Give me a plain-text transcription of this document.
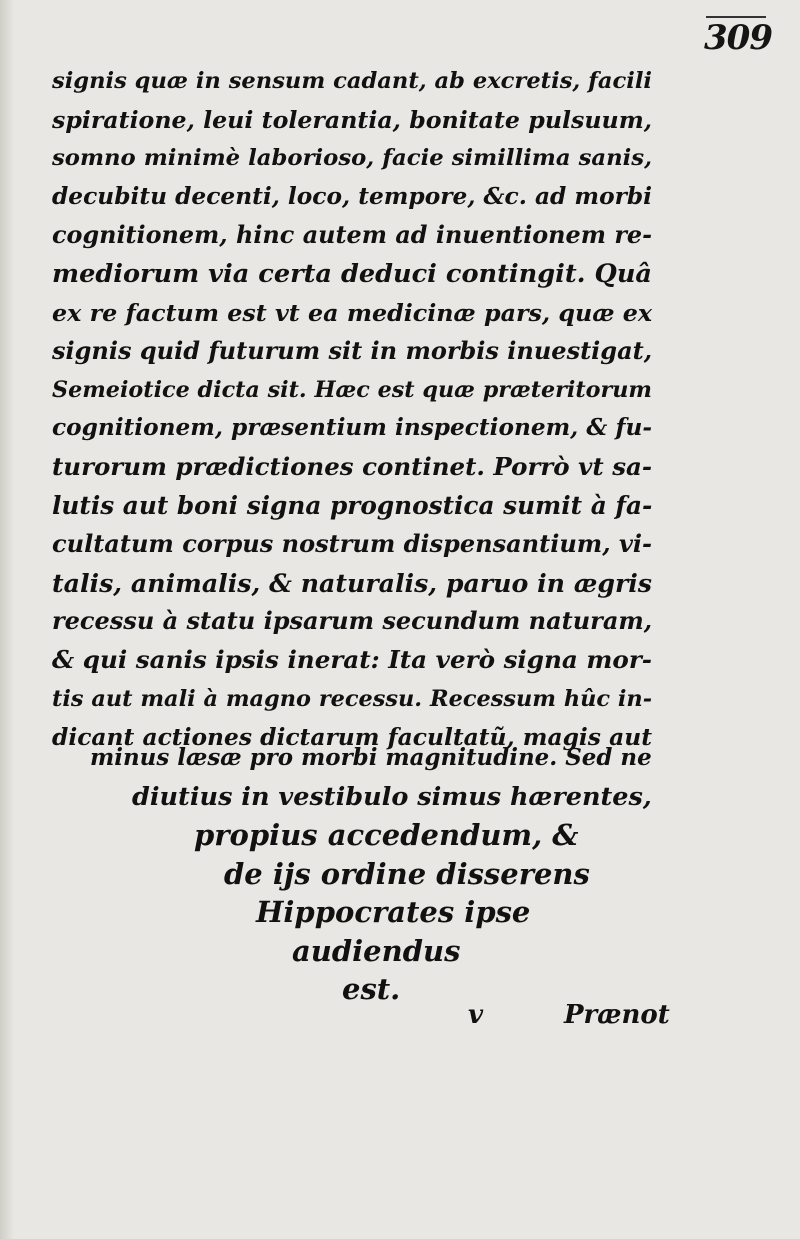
309
signis quæ in sensum cadant, ab excretis, facili
spiratione, leui tolerantia, bonitate pulsuum,
somno minimè laborioso, facie simillima sanis,
decubitu decenti, loco, tempore, &c. ad morbi
cognitionem, hinc autem ad inuentionem re-
mediorum via certa deduci contingit. Quâ
ex re factum est vt ea medicinæ pars, quæ ex
signis quid futurum sit in morbis inuestigat,
Semeiotice dicta sit. Hæc est quæ præteritorum
cognitionem, præsentium inspectionem, & fu-
turorum prædictiones continet. Porrò vt sa-
lutis aut boni signa prognostica sumit à fa-
cultatum corpus nostrum dispensantium, vi-
talis, animalis, & naturalis, paruo in ægris
recessu à statu ipsarum secundum naturam,
& qui sanis ipsis inerat: Ita verò signa mor-
tis aut mali à magno recessu. Recessum hûc in-
dicant actiones dictarum facultatũ, magis aut
minus læsæ pro morbi magnitudine. Sed ne
diutius in vestibulo simus hærentes,
propius accedendum, &
de ijs ordine disserens
Hippocrates ipse
audiendus
est.
v	Prænot
